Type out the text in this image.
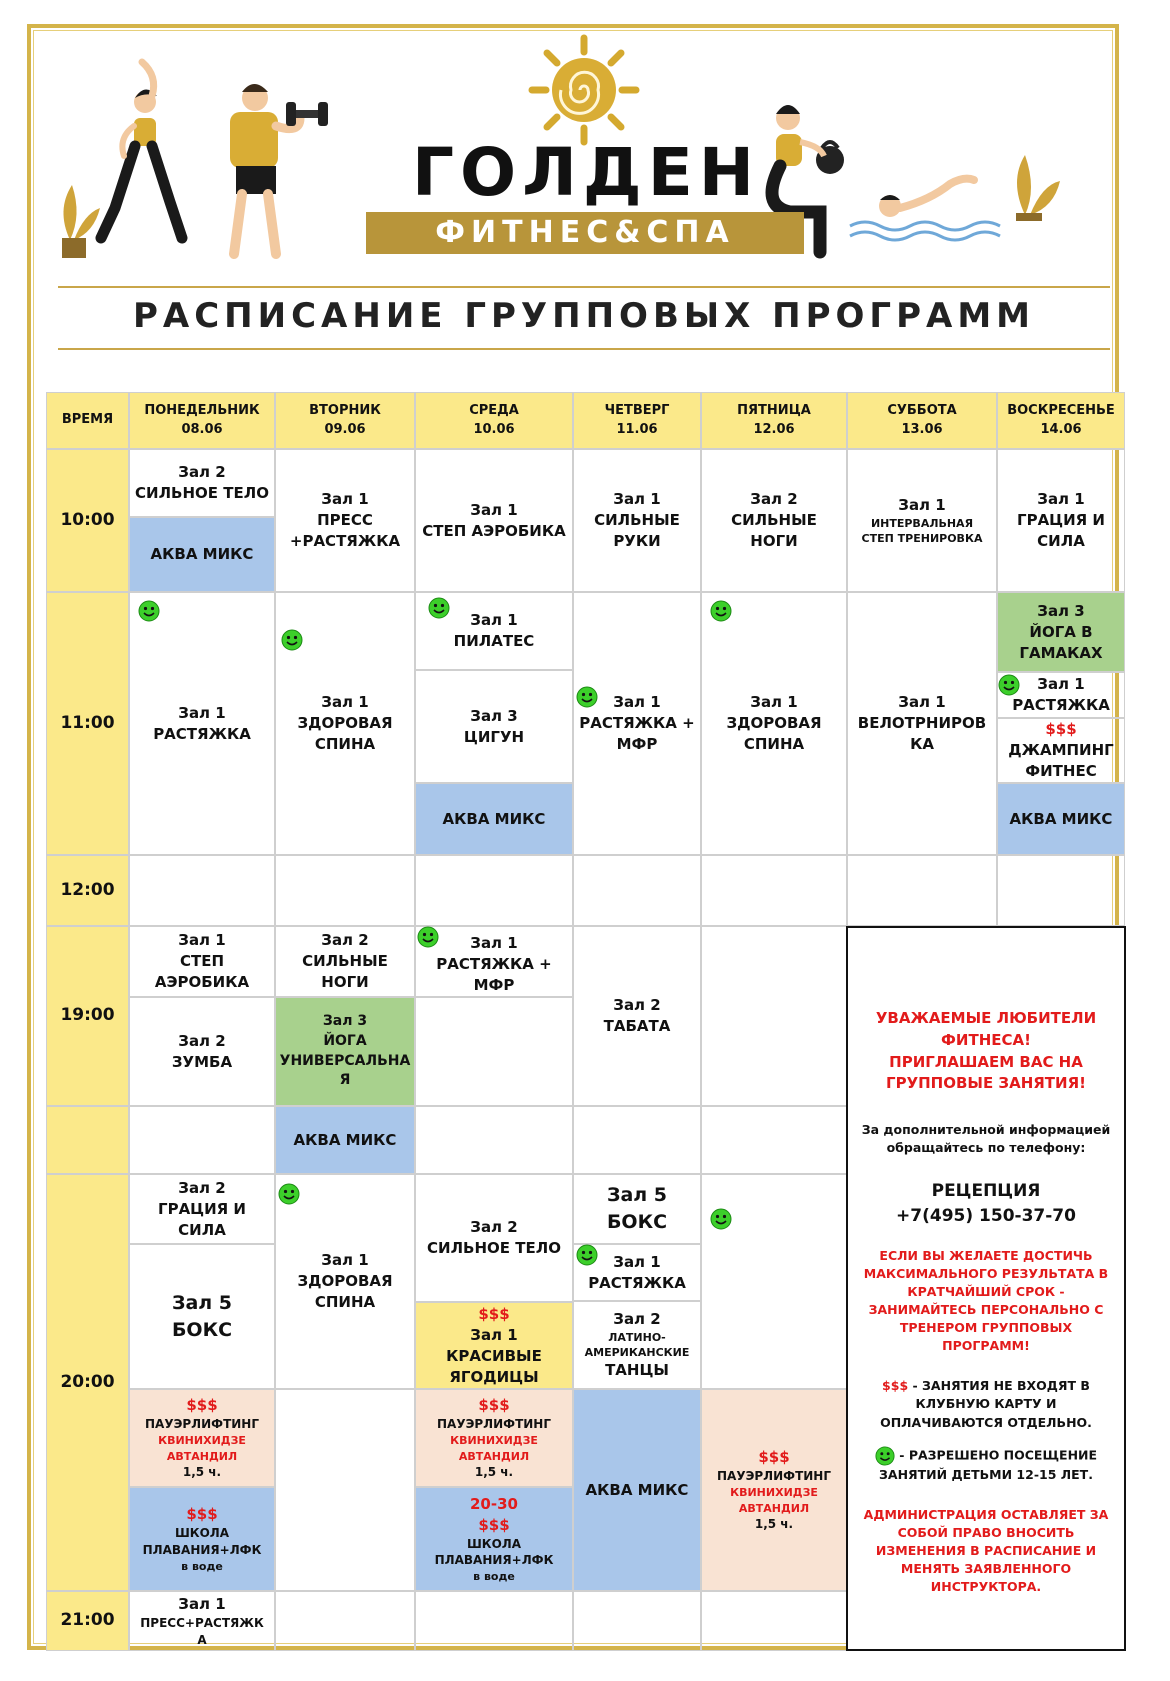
ГОЛДЕН
ФИТНЕС&СПА
РАСПИСАНИЕ ГРУППОВЫХ ПРОГРАММ
ВРЕМЯ
ПОНЕДЕЛЬНИК
08.06
ВТОРНИК
09.06
СРЕДА
10.06
ЧЕТВЕРГ
11.06
ПЯТНИЦА
12.06
СУББОТА
13.06
ВОСКРЕСЕНЬЕ
14.06
10:00
11:00
12:00
19:00
20:00
21:00
Зал 2
СИЛЬНОЕ ТЕЛО
АКВА МИКС
Зал 1
ПРЕСС
+РАСТЯЖКА
Зал 1
СТЕП АЭРОБИКА
Зал 1
СИЛЬНЫЕ
РУКИ
Зал 2
СИЛЬНЫЕ
НОГИ
Зал 1
ИНТЕРВАЛЬНАЯ
СТЕП ТРЕНИРОВКА
Зал 1
ГРАЦИЯ И
СИЛА
Зал 1
РАСТЯЖКА
Зал 1
ЗДОРОВАЯ
СПИНА
Зал 1
ПИЛАТЕС
Зал 3
ЦИГУН
АКВА МИКС
Зал 1
РАСТЯЖКА +
МФР
Зал 1
ЗДОРОВАЯ
СПИНА
Зал 1
ВЕЛОТРНИРОВ
КА
Зал 3
ЙОГА В
ГАМАКАХ
Зал 1
РАСТЯЖКА
$$$
ДЖАМПИНГ
ФИТНЕС
АКВА МИКС
Зал 1
СТЕП
АЭРОБИКА
Зал 2
ЗУМБА
Зал 2
СИЛЬНЫЕ
НОГИ
Зал 3
ЙОГА
УНИВЕРСАЛЬНА
Я
АКВА МИКС
Зал 1
РАСТЯЖКА +
МФР
Зал 2
ТАБАТА
Зал 2
ГРАЦИЯ И
СИЛА
Зал 5
БОКС
$$$
ПАУЭРЛИФТИНГ
КВИНИХИДЗЕ
АВТАНДИЛ
1,5 ч.
$$$
ШКОЛА
ПЛАВАНИЯ+ЛФК
в воде
Зал 1
ЗДОРОВАЯ
СПИНА
Зал 2
СИЛЬНОЕ ТЕЛО
$$$
Зал 1
КРАСИВЫЕ
ЯГОДИЦЫ
$$$
ПАУЭРЛИФТИНГ
КВИНИХИДЗЕ
АВТАНДИЛ
1,5 ч.
20-30
$$$
ШКОЛА
ПЛАВАНИЯ+ЛФК
в воде
Зал 5
БОКС
Зал 1
РАСТЯЖКА
Зал 2
ЛАТИНО-
АМЕРИКАНСКИЕ
ТАНЦЫ
АКВА МИКС
$$$
ПАУЭРЛИФТИНГ
КВИНИХИДЗЕ
АВТАНДИЛ
1,5 ч.
Зал 1
ПРЕСС+РАСТЯЖК
А
УВАЖАЕМЫЕ ЛЮБИТЕЛИ
ФИТНЕСА!
ПРИГЛАШАЕМ ВАС НА
ГРУППОВЫЕ ЗАНЯТИЯ!
За дополнительной информацией
обращайтесь по телефону:
РЕЦЕПЦИЯ
+7(495) 150-37-70
ЕСЛИ ВЫ ЖЕЛАЕТЕ ДОСТИЧЬ
МАКСИМАЛЬНОГО РЕЗУЛЬТАТА В
КРАТЧАЙШИЙ СРОК -
ЗАНИМАЙТЕСЬ ПЕРСОНАЛЬНО С
ТРЕНЕРОМ ГРУППОВЫХ
ПРОГРАММ!
$$$ - ЗАНЯТИЯ НЕ ВХОДЯТ В
КЛУБНУЮ КАРТУ И
ОПЛАЧИВАЮТСЯ ОТДЕЛЬНО.
- РАЗРЕШЕНО ПОСЕЩЕНИЕ
ЗАНЯТИЙ ДЕТЬМИ 12-15 ЛЕТ.
АДМИНИСТРАЦИЯ ОСТАВЛЯЕТ ЗА
СОБОЙ ПРАВО ВНОСИТЬ
ИЗМЕНЕНИЯ В РАСПИСАНИЕ И
МЕНЯТЬ ЗАЯВЛЕННОГО
ИНСТРУКТОРА.
